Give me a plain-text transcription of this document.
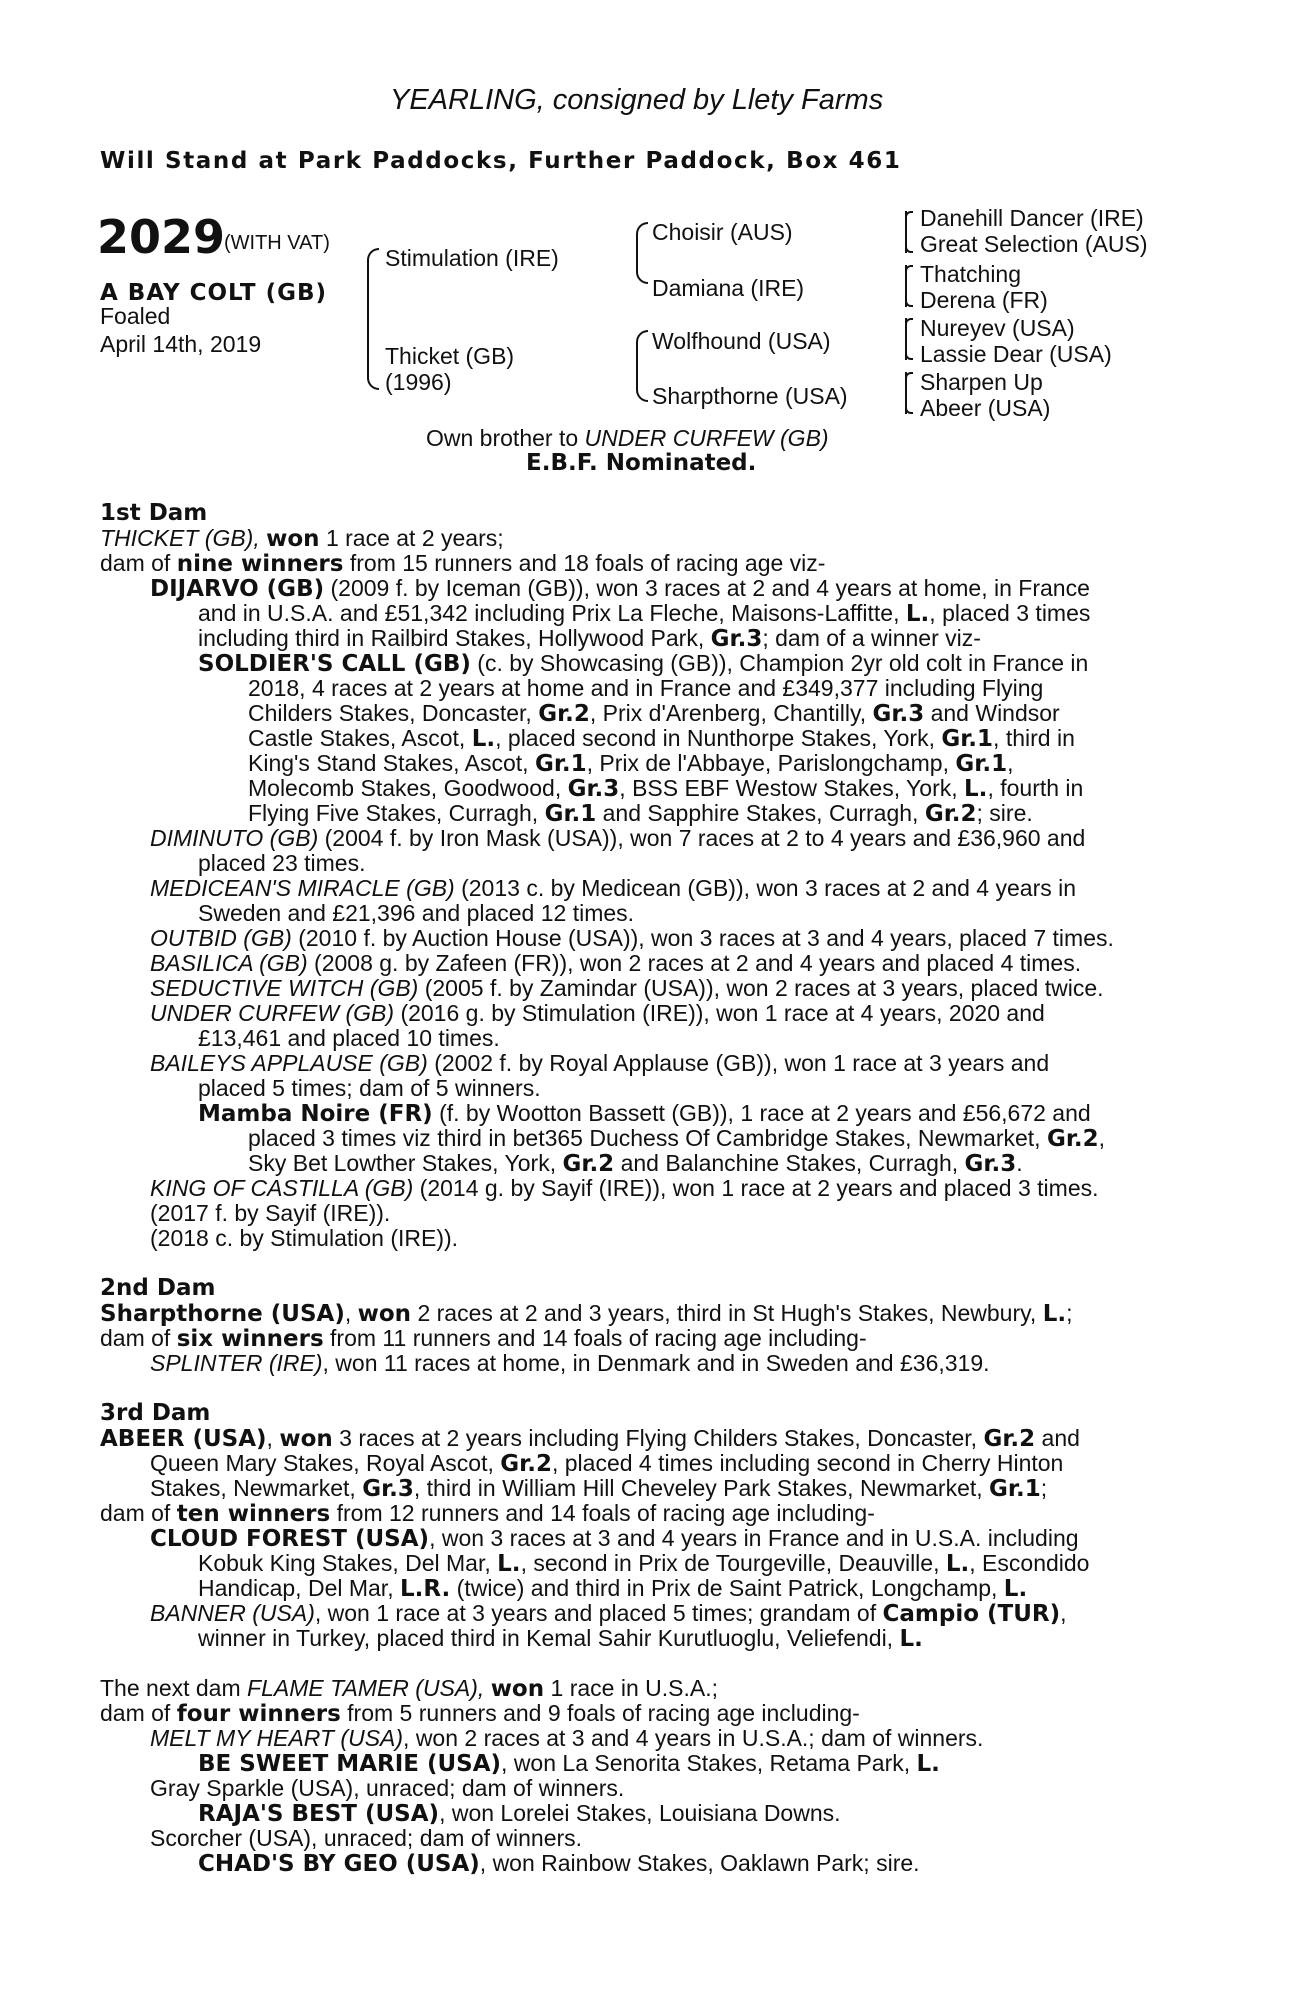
YEARLING, consigned by Llety Farms
Will Stand at Park Paddocks, Further Paddock, Box 461
2029
(WITH VAT)
A BAY COLT (GB)
Foaled
April 14th, 2019
Stimulation (IRE)
Thicket (GB)
(1996)
Choisir (AUS)
Damiana (IRE)
Wolfhound (USA)
Sharpthorne (USA)
Danehill Dancer (IRE)
Great Selection (AUS)
Thatching
Derena (FR)
Nureyev (USA)
Lassie Dear (USA)
Sharpen Up
Abeer (USA)
Own brother to UNDER CURFEW (GB)
E.B.F. Nominated.
1st Dam
THICKET (GB), won 1 race at 2 years;
dam of nine winners from 15 runners and 18 foals of racing age viz-
DIJARVO (GB) (2009 f. by Iceman (GB)), won 3 races at 2 and 4 years at home, in France
and in U.S.A. and £51,342 including Prix La Fleche, Maisons-Laffitte, L., placed 3 times
including third in Railbird Stakes, Hollywood Park, Gr.3; dam of a winner viz-
SOLDIER'S CALL (GB) (c. by Showcasing (GB)), Champion 2yr old colt in France in
2018, 4 races at 2 years at home and in France and £349,377 including Flying
Childers Stakes, Doncaster, Gr.2, Prix d'Arenberg, Chantilly, Gr.3 and Windsor
Castle Stakes, Ascot, L., placed second in Nunthorpe Stakes, York, Gr.1, third in
King's Stand Stakes, Ascot, Gr.1, Prix de l'Abbaye, Parislongchamp, Gr.1,
Molecomb Stakes, Goodwood, Gr.3, BSS EBF Westow Stakes, York, L., fourth in
Flying Five Stakes, Curragh, Gr.1 and Sapphire Stakes, Curragh, Gr.2; sire.
DIMINUTO (GB) (2004 f. by Iron Mask (USA)), won 7 races at 2 to 4 years and £36,960 and
placed 23 times.
MEDICEAN'S MIRACLE (GB) (2013 c. by Medicean (GB)), won 3 races at 2 and 4 years in
Sweden and £21,396 and placed 12 times.
OUTBID (GB) (2010 f. by Auction House (USA)), won 3 races at 3 and 4 years, placed 7 times.
BASILICA (GB) (2008 g. by Zafeen (FR)), won 2 races at 2 and 4 years and placed 4 times.
SEDUCTIVE WITCH (GB) (2005 f. by Zamindar (USA)), won 2 races at 3 years, placed twice.
UNDER CURFEW (GB) (2016 g. by Stimulation (IRE)), won 1 race at 4 years, 2020 and
£13,461 and placed 10 times.
BAILEYS APPLAUSE (GB) (2002 f. by Royal Applause (GB)), won 1 race at 3 years and
placed 5 times; dam of 5 winners.
Mamba Noire (FR) (f. by Wootton Bassett (GB)), 1 race at 2 years and £56,672 and
placed 3 times viz third in bet365 Duchess Of Cambridge Stakes, Newmarket, Gr.2,
Sky Bet Lowther Stakes, York, Gr.2 and Balanchine Stakes, Curragh, Gr.3.
KING OF CASTILLA (GB) (2014 g. by Sayif (IRE)), won 1 race at 2 years and placed 3 times.
(2017 f. by Sayif (IRE)).
(2018 c. by Stimulation (IRE)).
2nd Dam
Sharpthorne (USA), won 2 races at 2 and 3 years, third in St Hugh's Stakes, Newbury, L.;
dam of six winners from 11 runners and 14 foals of racing age including-
SPLINTER (IRE), won 11 races at home, in Denmark and in Sweden and £36,319.
3rd Dam
ABEER (USA), won 3 races at 2 years including Flying Childers Stakes, Doncaster, Gr.2 and
Queen Mary Stakes, Royal Ascot, Gr.2, placed 4 times including second in Cherry Hinton
Stakes, Newmarket, Gr.3, third in William Hill Cheveley Park Stakes, Newmarket, Gr.1;
dam of ten winners from 12 runners and 14 foals of racing age including-
CLOUD FOREST (USA), won 3 races at 3 and 4 years in France and in U.S.A. including
Kobuk King Stakes, Del Mar, L., second in Prix de Tourgeville, Deauville, L., Escondido
Handicap, Del Mar, L.R. (twice) and third in Prix de Saint Patrick, Longchamp, L.
BANNER (USA), won 1 race at 3 years and placed 5 times; grandam of Campio (TUR),
winner in Turkey, placed third in Kemal Sahir Kurutluoglu, Veliefendi, L.
The next dam FLAME TAMER (USA), won 1 race in U.S.A.;
dam of four winners from 5 runners and 9 foals of racing age including-
MELT MY HEART (USA), won 2 races at 3 and 4 years in U.S.A.; dam of winners.
BE SWEET MARIE (USA), won La Senorita Stakes, Retama Park, L.
Gray Sparkle (USA), unraced; dam of winners.
RAJA'S BEST (USA), won Lorelei Stakes, Louisiana Downs.
Scorcher (USA), unraced; dam of winners.
CHAD'S BY GEO (USA), won Rainbow Stakes, Oaklawn Park; sire.
